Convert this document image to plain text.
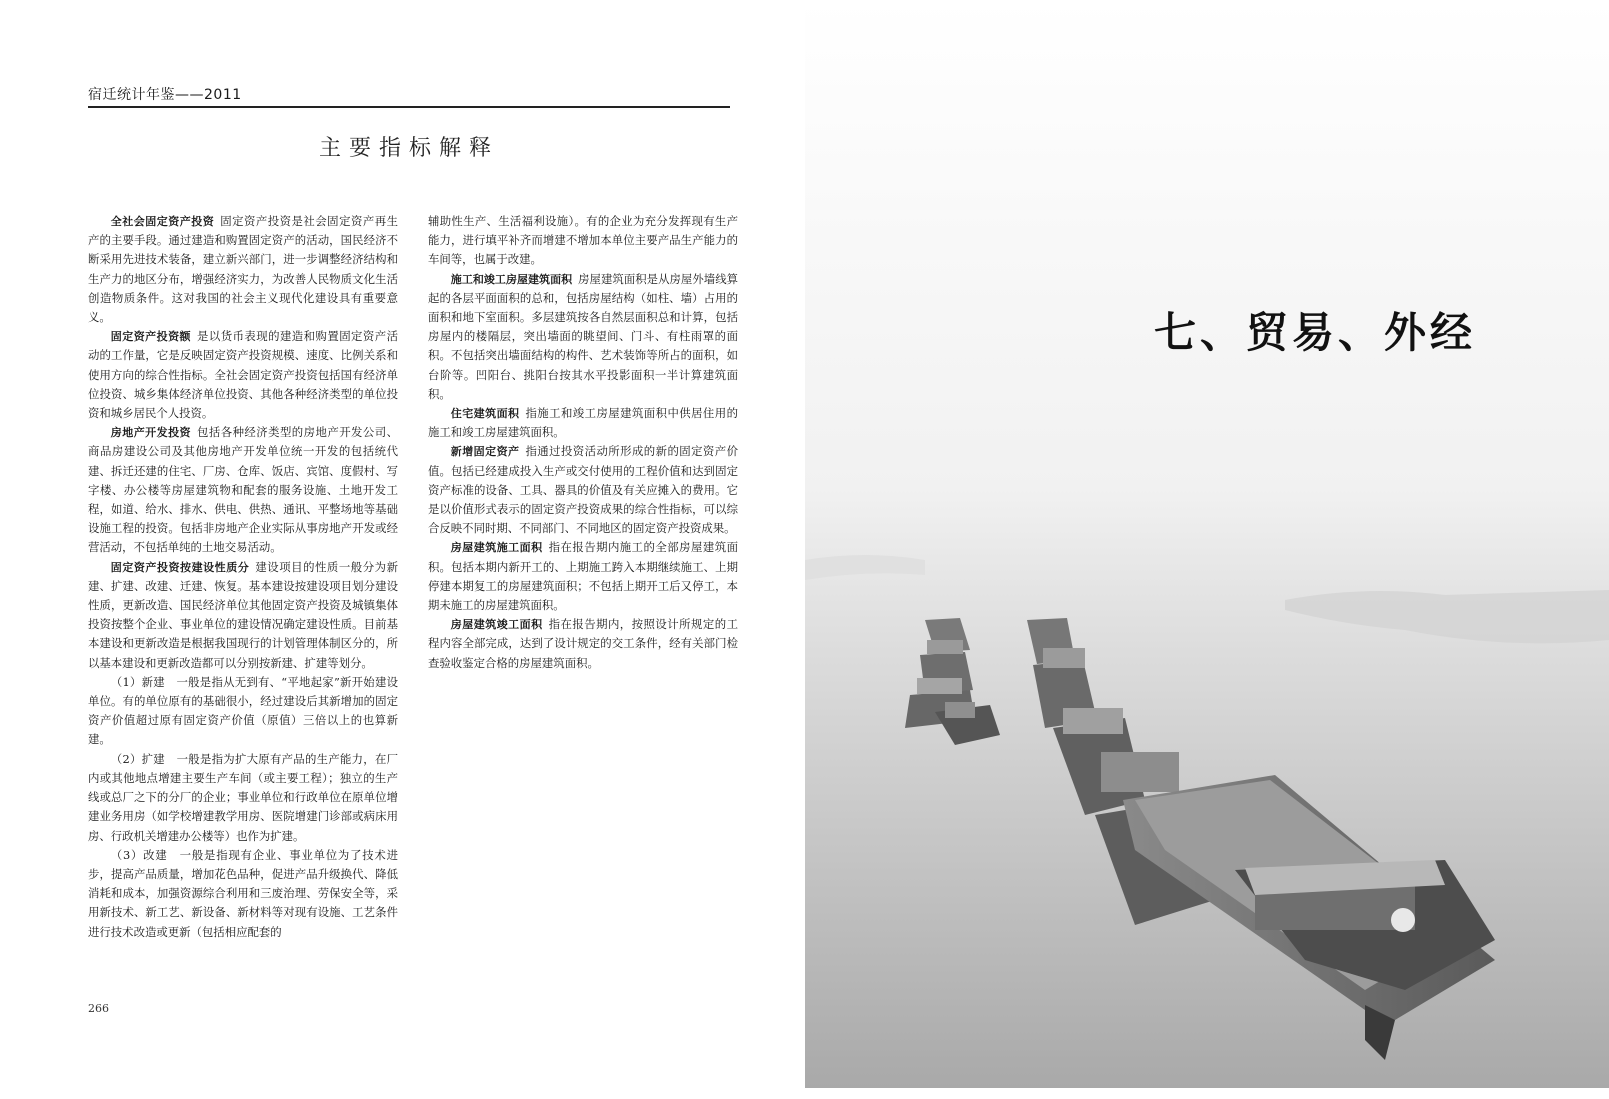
宿迁统计年鉴——2011
主要指标解释

全社会固定资产投资 固定资产投资是社会固定资产再生产的主要手段。通过建造和购置固定资产的活动，国民经济不断采用先进技术装备，建立新兴部门，进一步调整经济结构和生产力的地区分布，增强经济实力，为改善人民物质文化生活创造物质条件。这对我国的社会主义现代化建设具有重要意义。

固定资产投资额 是以货币表现的建造和购置固定资产活动的工作量，它是反映固定资产投资规模、速度、比例关系和使用方向的综合性指标。全社会固定资产投资包括国有经济单位投资、城乡集体经济单位投资、其他各种经济类型的单位投资和城乡居民个人投资。

房地产开发投资 包括各种经济类型的房地产开发公司、商品房建设公司及其他房地产开发单位统一开发的包括统代建、拆迁还建的住宅、厂房、仓库、饭店、宾馆、度假村、写字楼、办公楼等房屋建筑物和配套的服务设施、土地开发工程，如道、给水、排水、供电、供热、通讯、平整场地等基础设施工程的投资。包括非房地产企业实际从事房地产开发或经营活动，不包括单纯的土地交易活动。

固定资产投资按建设性质分 建设项目的性质一般分为新建、扩建、改建、迁建、恢复。基本建设按建设项目划分建设性质，更新改造、国民经济单位其他固定资产投资及城镇集体投资按整个企业、事业单位的建设情况确定建设性质。目前基本建设和更新改造是根据我国现行的计划管理体制区分的，所以基本建设和更新改造都可以分别按新建、扩建等划分。

（1）新建　一般是指从无到有、“平地起家”新开始建设单位。有的单位原有的基础很小，经过建设后其新增加的固定资产价值超过原有固定资产价值（原值）三倍以上的也算新建。

（2）扩建　一般是指为扩大原有产品的生产能力，在厂内或其他地点增建主要生产车间（或主要工程）；独立的生产线或总厂之下的分厂的企业；事业单位和行政单位在原单位增建业务用房（如学校增建教学用房、医院增建门诊部或病床用房、行政机关增建办公楼等）也作为扩建。

（3）改建　一般是指现有企业、事业单位为了技术进步，提高产品质量，增加花色品种，促进产品升级换代、降低消耗和成本，加强资源综合利用和三废治理、劳保安全等，采用新技术、新工艺、新设备、新材料等对现有设施、工艺条件进行技术改造或更新（包括相应配套的

辅助性生产、生活福利设施）。有的企业为充分发挥现有生产能力，进行填平补齐而增建不增加本单位主要产品生产能力的车间等，也属于改建。

施工和竣工房屋建筑面积 房屋建筑面积是从房屋外墙线算起的各层平面面积的总和，包括房屋结构（如柱、墙）占用的面积和地下室面积。多层建筑按各自然层面积总和计算，包括房屋内的楼隔层，突出墙面的眺望间、门斗、有柱雨罩的面积。不包括突出墙面结构的构件、艺术装饰等所占的面积，如台阶等。凹阳台、挑阳台按其水平投影面积一半计算建筑面积。

住宅建筑面积 指施工和竣工房屋建筑面积中供居住用的施工和竣工房屋建筑面积。

新增固定资产 指通过投资活动所形成的新的固定资产价值。包括已经建成投入生产或交付使用的工程价值和达到固定资产标准的设备、工具、器具的价值及有关应摊入的费用。它是以价值形式表示的固定资产投资成果的综合性指标，可以综合反映不同时期、不同部门、不同地区的固定资产投资成果。

房屋建筑施工面积 指在报告期内施工的全部房屋建筑面积。包括本期内新开工的、上期施工跨入本期继续施工、上期停建本期复工的房屋建筑面积；不包括上期开工后又停工，本期未施工的房屋建筑面积。

房屋建筑竣工面积 指在报告期内，按照设计所规定的工程内容全部完成，达到了设计规定的交工条件，经有关部门检查验收鉴定合格的房屋建筑面积。

266
七、贸易、外经
